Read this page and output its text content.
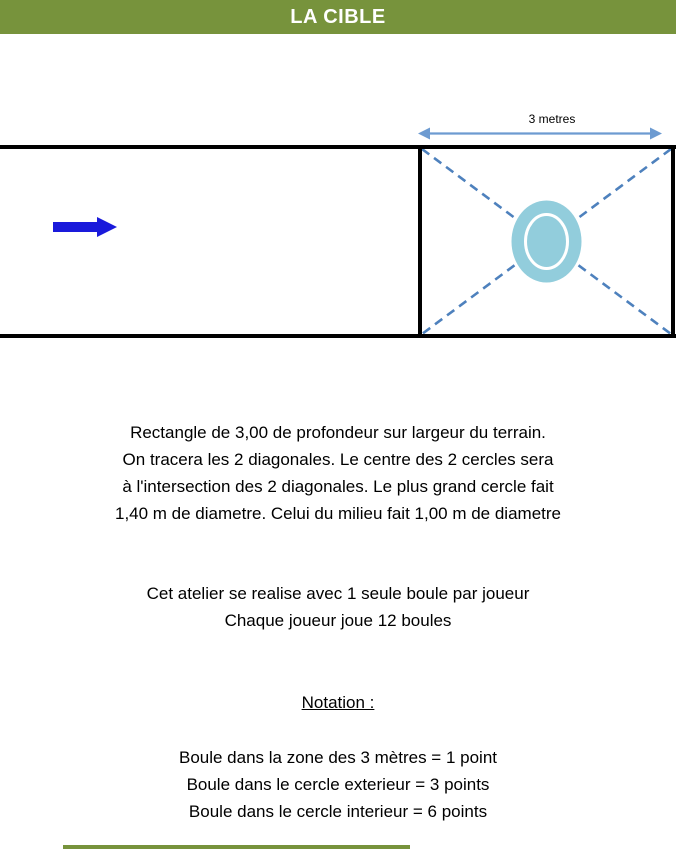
LA CIBLE
3 metres
Rectangle de 3,00 de profondeur sur largeur du terrain.
On tracera les 2 diagonales. Le centre des 2 cercles sera
à l'intersection des 2 diagonales. Le plus grand cercle fait
1,40 m de diametre. Celui du milieu fait 1,00 m de diametre
Cet atelier se realise avec 1 seule boule par joueur
Chaque joueur joue 12 boules
Notation :
Boule dans la zone des 3 mètres = 1 point
Boule dans le cercle exterieur = 3 points
Boule dans le cercle interieur = 6 points
